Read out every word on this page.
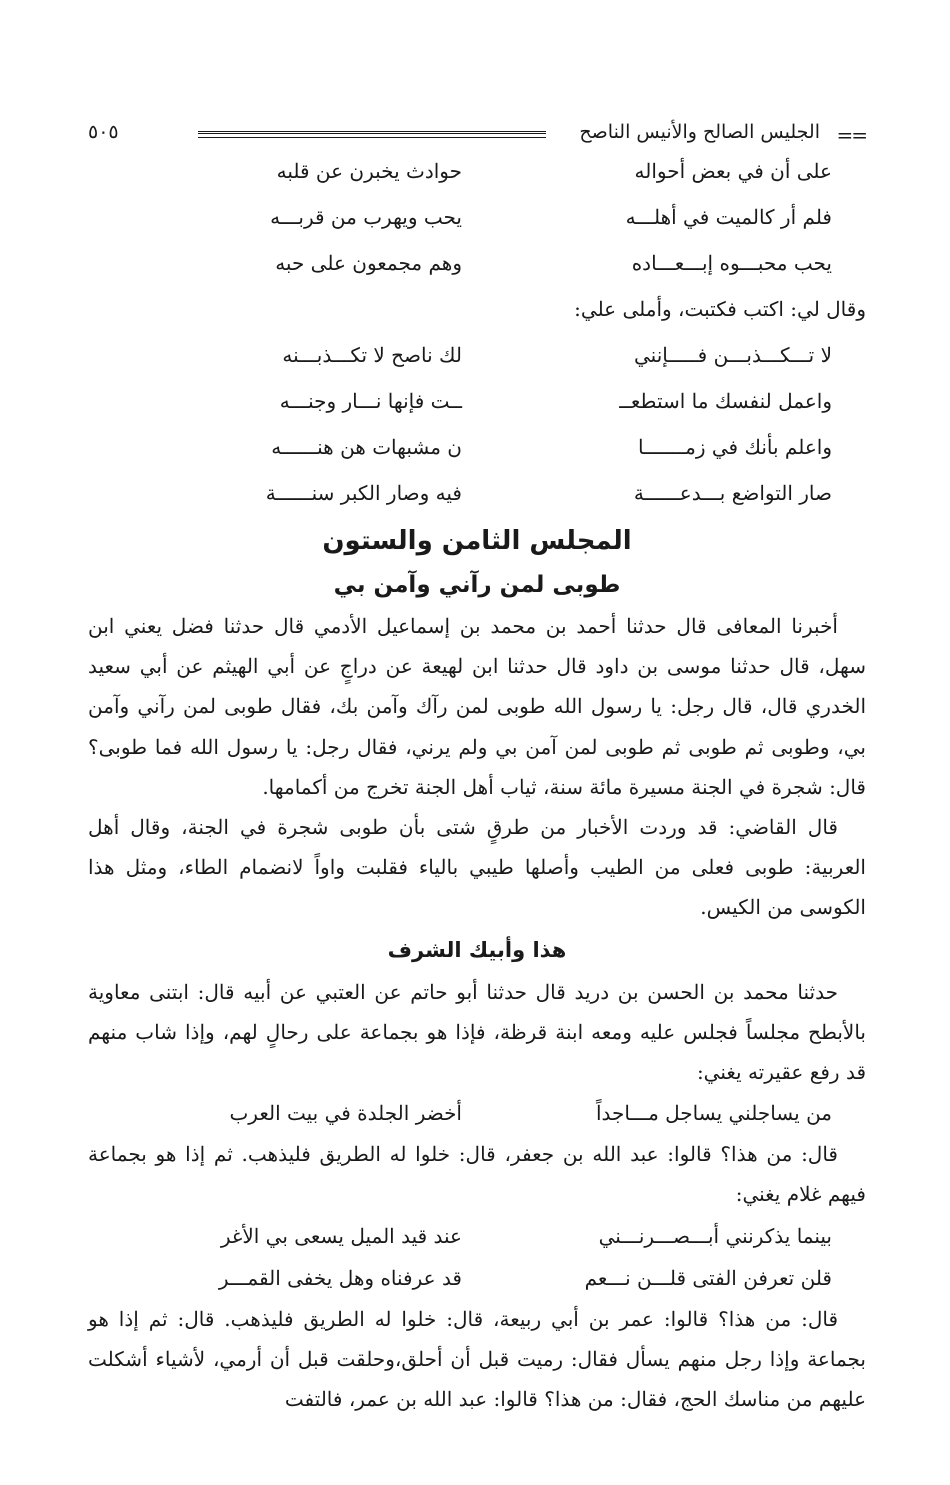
==
الجليس الصالح والأنيس الناصح
٥٠٥
على أن في بعض أحواله
حوادث يخبرن عن قلبه
فلم أر كالميت في أهلـــه
يحب ويهرب من قربـــه
يحب محبـــوه إبـــعـــاده
وهم مجمعون على حبه
وقال لي: اكتب فكتبت، وأملى علي:
لا تـــكـــذبـــن فـــــإنني
لك ناصح لا تكـــذبـــنه
واعمل لنفسك ما استطعــ
ــت فإنها نـــار وجنـــه
واعلم بأنك في زمـــــــا
ن مشبهات هن هنــــــه
صار التواضع بـــدعــــــة
فيه وصار الكبر سنــــــة
المجلس الثامن والستون
طوبى لمن رآني وآمن بي

أخبرنا المعافى قال حدثنا أحمد بن محمد بن إسماعيل الأدمي قال حدثنا فضل يعني ابن سهل، قال حدثنا موسى بن داود قال حدثنا ابن لهيعة عن دراجٍ عن أبي الهيثم عن أبي سعيد الخدري قال، قال رجل: يا رسول الله طوبى لمن رآك وآمن بك، فقال طوبى لمن رآني وآمن بي، وطوبى ثم طوبى ثم طوبى لمن آمن بي ولم يرني، فقال رجل: يا رسول الله فما طوبى؟ قال: شجرة في الجنة مسيرة مائة سنة، ثياب أهل الجنة تخرج من أكمامها.

قال القاضي: قد وردت الأخبار من طرقٍ شتى بأن طوبى شجرة في الجنة، وقال أهل العربية: طوبى فعلى من الطيب وأصلها طيبي بالياء فقلبت واواً لانضمام الطاء، ومثل هذا الكوسى من الكيس.

هذا وأبيك الشرف

حدثنا محمد بن الحسن بن دريد قال حدثنا أبو حاتم عن العتبي عن أبيه قال: ابتنى معاوية بالأبطح مجلساً فجلس عليه ومعه ابنة قرظة، فإذا هو بجماعة على رحالٍ لهم، وإذا شاب منهم قد رفع عقيرته يغني:

من يساجلني يساجل مـــاجداً
أخضر الجلدة في بيت العرب

قال: من هذا؟ قالوا: عبد الله بن جعفر، قال: خلوا له الطريق فليذهب. ثم إذا هو بجماعة فيهم غلام يغني:

بينما يذكرنني أبـــصـــرنـــني
عند قيد الميل يسعى بي الأغر
قلن تعرفن الفتى قلـــن نـــعم
قد عرفناه وهل يخفى القمـــر

قال: من هذا؟ قالوا: عمر بن أبي ربيعة، قال: خلوا له الطريق فليذهب. قال: ثم إذا هو بجماعة وإذا رجل منهم يسأل فقال: رميت قبل أن أحلق،وحلقت قبل أن أرمي، لأشياء أشكلت عليهم من مناسك الحج، فقال: من هذا؟ قالوا: عبد الله بن عمر، فالتفت
